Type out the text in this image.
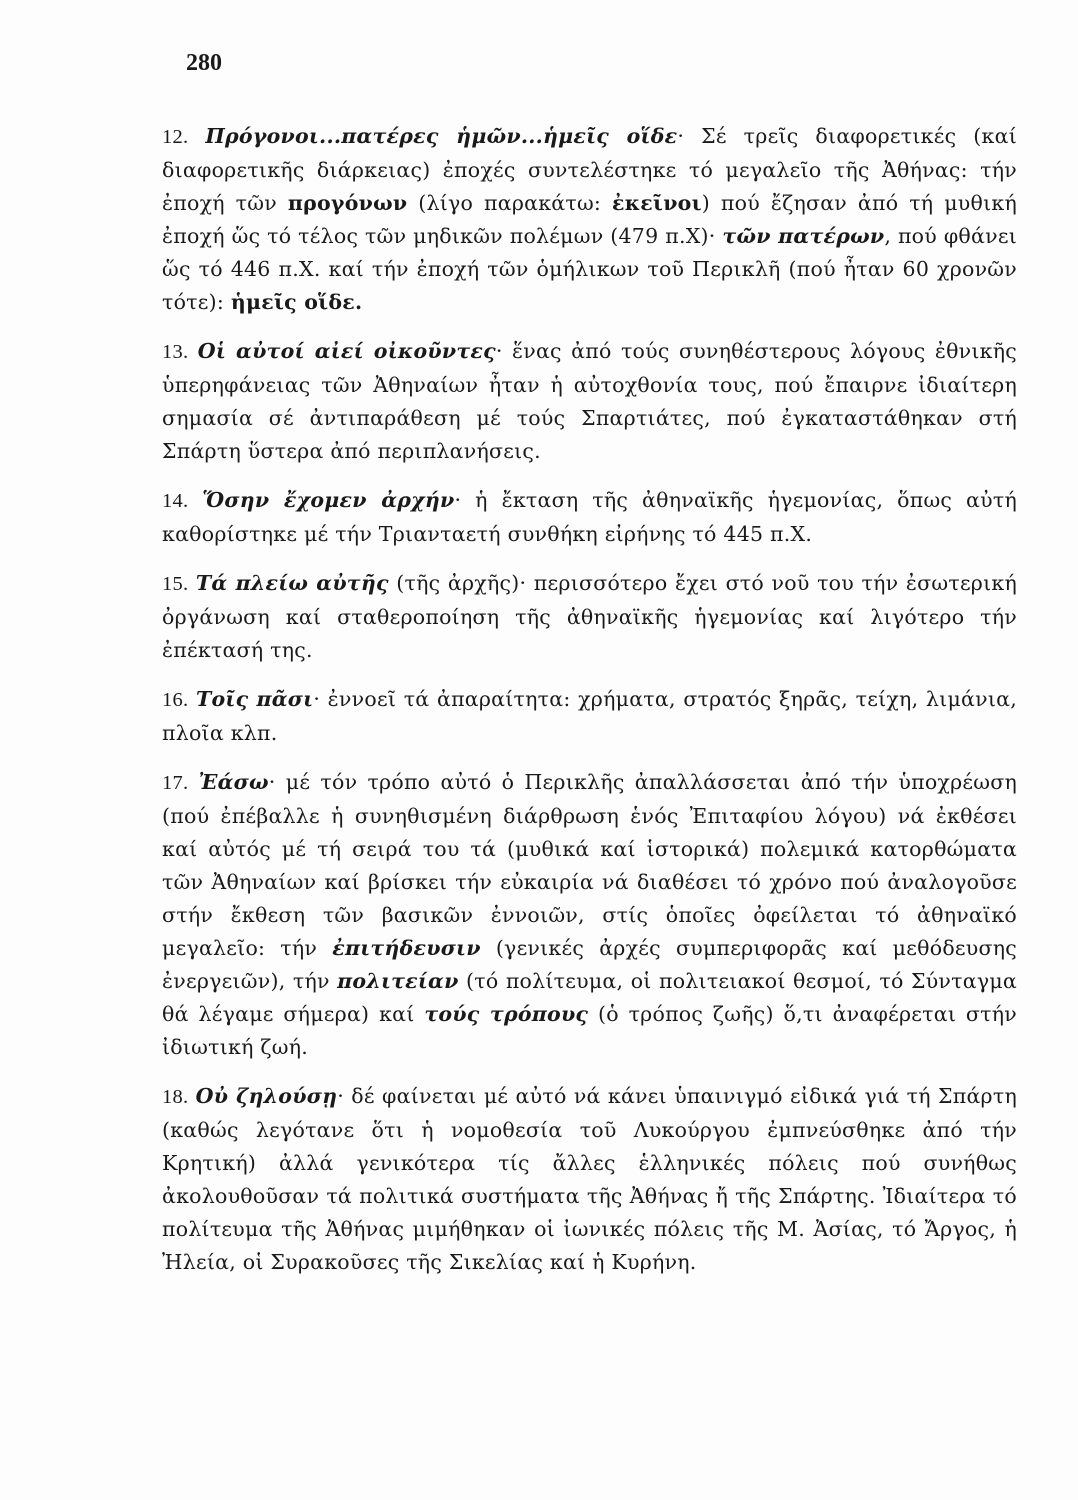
280

12. Πρόγονοι...πατέρες ἡμῶν...ἡμεῖς οἵδε· Σέ τρεῖς διαφορετικές (καί διαφορετικῆς διάρκειας) ἐποχές συντελέστηκε τό μεγαλεῖο τῆς Ἀθήνας: τήν ἐποχή τῶν προγόνων (λίγο παρακάτω: ἐκεῖνοι) πού ἔζησαν ἀπό τή μυθική ἐποχή ὥς τό τέλος τῶν μηδικῶν πολέμων (479 π.Χ)· τῶν πατέρων, πού φθάνει ὥς τό 446 π.Χ. καί τήν ἐποχή τῶν ὁμήλικων τοῦ Περικλῆ (πού ἦταν 60 χρονῶν τότε): ἡμεῖς οἵδε.

13. Οἱ αὐτοί αἰεί οἰκοῦντες· ἕνας ἀπό τούς συνηθέστερους λόγους ἐθνικῆς ὑπερηφάνειας τῶν Ἀθηναίων ἦταν ἡ αὐτοχθονία τους, πού ἔπαιρνε ἰδιαίτερη σημασία σέ ἀντιπαράθεση μέ τούς Σπαρτιάτες, πού ἐγκαταστάθηκαν στή Σπάρτη ὕστερα ἀπό περιπλανήσεις.

14. Ὅσην ἔχομεν ἀρχήν· ἡ ἔκταση τῆς ἀθηναϊκῆς ἡγεμονίας, ὅπως αὐτή καθορίστηκε μέ τήν Τριανταετή συνθήκη εἰρήνης τό 445 π.Χ.

15. Τά πλείω αὐτῆς (τῆς ἀρχῆς)· περισσότερο ἔχει στό νοῦ του τήν ἐσωτερική ὀργάνωση καί σταθεροποίηση τῆς ἀθηναϊκῆς ἡγεμονίας καί λιγότερο τήν ἐπέκτασή της.

16. Τοῖς πᾶσι· ἐννοεῖ τά ἀπαραίτητα: χρήματα, στρατός ξηρᾶς, τείχη, λιμάνια, πλοῖα κλπ.

17. Ἐάσω· μέ τόν τρόπο αὐτό ὁ Περικλῆς ἀπαλλάσσεται ἀπό τήν ὑποχρέωση (πού ἐπέβαλλε ἡ συνηθισμένη διάρθρωση ἑνός Ἐπιταφίου λόγου) νά ἐκθέσει καί αὐτός μέ τή σειρά του τά (μυθικά καί ἱστορικά) πολεμικά κατορθώματα τῶν Ἀθηναίων καί βρίσκει τήν εὐκαιρία νά διαθέσει τό χρόνο πού ἀναλογοῦσε στήν ἔκθεση τῶν βασικῶν ἐννοιῶν, στίς ὁποῖες ὀφείλεται τό ἀθηναϊκό μεγαλεῖο: τήν ἐπιτήδευσιν (γενικές ἀρχές συμπεριφορᾶς καί μεθόδευσης ἐνεργειῶν), τήν πολιτείαν (τό πολίτευμα, οἱ πολιτειακοί θεσμοί, τό Σύνταγμα θά λέγαμε σήμερα) καί τούς τρόπους (ὁ τρόπος ζωῆς) ὅ,τι ἀναφέρεται στήν ἰδιωτική ζωή.

18. Οὐ ζηλούσῃ· δέ φαίνεται μέ αὐτό νά κάνει ὑπαινιγμό εἰδικά γιά τή Σπάρτη (καθώς λεγότανε ὅτι ἡ νομοθεσία τοῦ Λυκούργου ἐμπνεύσθηκε ἀπό τήν Κρητική) ἀλλά γενικότερα τίς ἄλλες ἑλληνικές πόλεις πού συνήθως ἀκολουθοῦσαν τά πολιτικά συστήματα τῆς Ἀθήνας ἤ τῆς Σπάρτης. Ἰδιαίτερα τό πολίτευμα τῆς Ἀθήνας μιμήθηκαν οἱ ἰωνικές πόλεις τῆς Μ. Ἀσίας, τό Ἄργος, ἡ Ἠλεία, οἱ Συρακοῦσες τῆς Σικελίας καί ἡ Κυρήνη.
